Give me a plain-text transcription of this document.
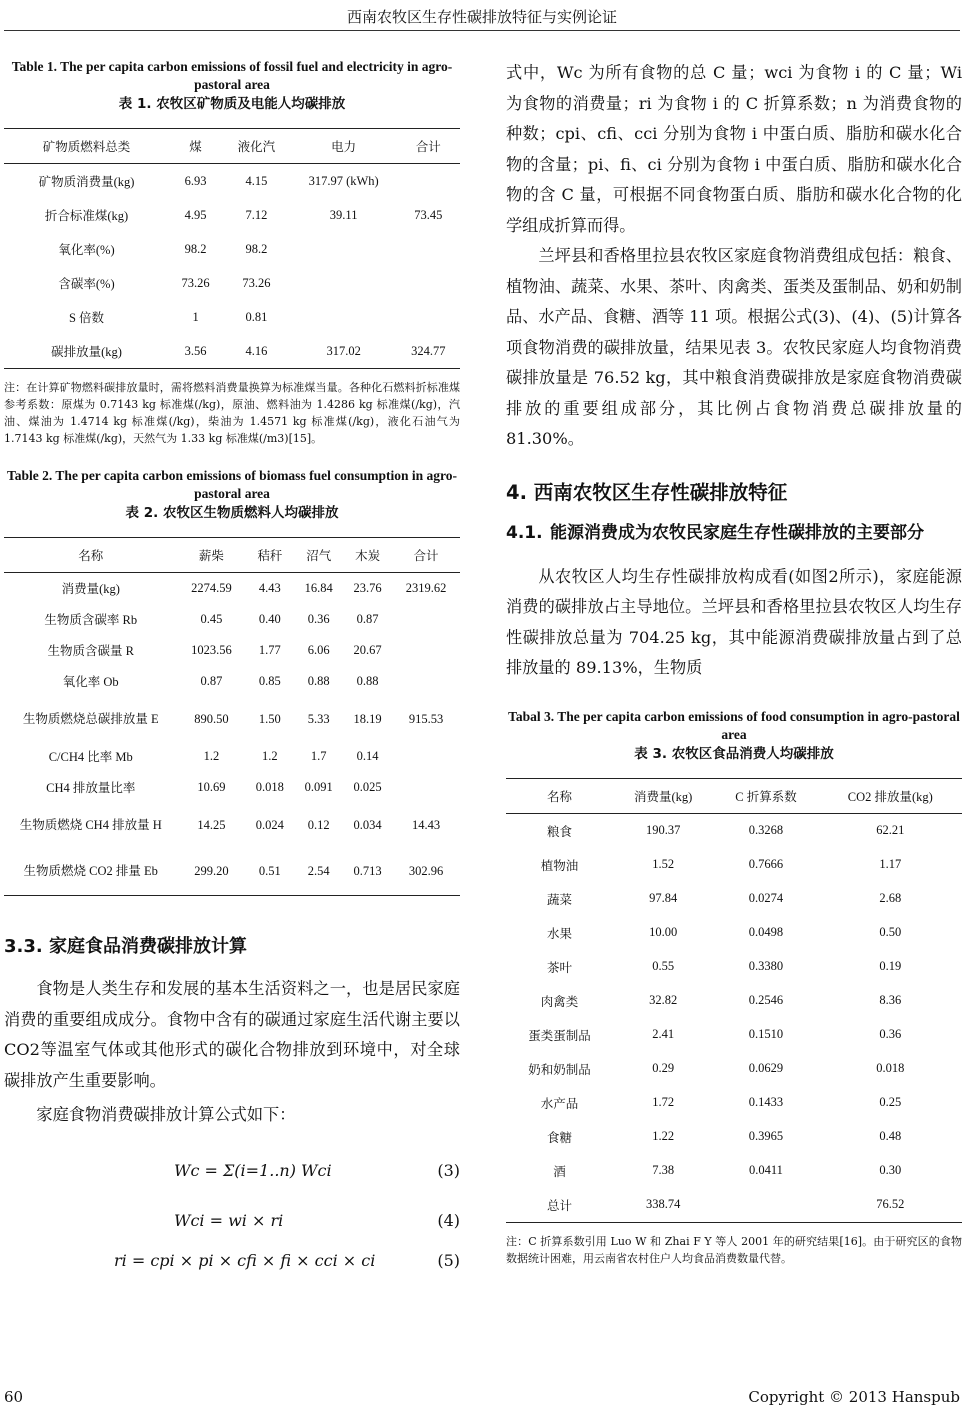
西南农牧区生存性碳排放特征与实例论证
Table 1. The per capita carbon emissions of fossil fuel and electricity in agro- pastoral area
表 1. 农牧区矿物质及电能人均碳排放
矿物质燃料总类	煤	液化汽	电力	合计
矿物质消费量(kg)	6.93	4.15	317.97 (kWh)	
折合标准煤(kg)	4.95	7.12	39.11	73.45
氧化率(%)	98.2	98.2		
含碳率(%)	73.26	73.26		
S 倍数	1	0.81		
碳排放量(kg)	3.56	4.16	317.02	324.77
注：在计算矿物燃料碳排放量时，需将燃料消费量换算为标准煤当量。各种化石燃料折标准煤参考系数：原煤为 0.7143 kg 标准煤(/kg)，原油、燃料油为 1.4286 kg 标准煤(/kg)，汽油、煤油为 1.4714 kg 标准煤(/kg)，柴油为 1.4571 kg 标准煤(/kg)，液化石油气为 1.7143 kg 标准煤(/kg)，天然气为 1.33 kg 标准煤(/m3)[15]。
Table 2. The per capita carbon emissions of biomass fuel consumption in agro-pastoral area
表 2. 农牧区生物质燃料人均碳排放
名称	薪柴	秸秆	沼气	木炭	合计
消费量(kg)	2274.59	4.43	16.84	23.76	2319.62
生物质含碳率 Rb	0.45	0.40	0.36	0.87	
生物质含碳量 R	1023.56	1.77	6.06	20.67	
氧化率 Ob	0.87	0.85	0.88	0.88	
生物质燃烧总碳排放量 E	890.50	1.50	5.33	18.19	915.53
C/CH4 比率 Mb	1.2	1.2	1.7	0.14	
CH4 排放量比率	10.69	0.018	0.091	0.025	
生物质燃烧 CH4 排放量 H	14.25	0.024	0.12	0.034	14.43
生物质燃烧 CO2 排量 Eb	299.20	0.51	2.54	0.713	302.96
3.3. 家庭食品消费碳排放计算

食物是人类生存和发展的基本生活资料之一，也是居民家庭消费的重要组成成分。食物中含有的碳通过家庭生活代谢主要以CO2等温室气体或其他形式的碳化合物排放到环境中，对全球碳排放产生重要影响。

家庭食物消费碳排放计算公式如下：

Wc = Σ(i=1..n) Wci	(3)
Wci = wi × ri	(4)
ri = cpi × pi × cfi × fi × cci × ci	(5)

式中，Wc 为所有食物的总 C 量；wci 为食物 i 的 C 量；Wi 为食物的消费量；ri 为食物 i 的 C 折算系数；n 为消费食物的种数；cpi、cfi、cci 分别为食物 i 中蛋白质、脂肪和碳水化合物的含量；pi、fi、ci 分别为食物 i 中蛋白质、脂肪和碳水化合物的含 C 量，可根据不同食物蛋白质、脂肪和碳水化合物的化学组成折算而得。

兰坪县和香格里拉县农牧区家庭食物消费组成包括：粮食、植物油、蔬菜、水果、茶叶、肉禽类、蛋类及蛋制品、奶和奶制品、水产品、食糖、酒等 11 项。根据公式(3)、(4)、(5)计算各项食物消费的碳排放量，结果见表 3。农牧民家庭人均食物消费碳排放量是 76.52 kg，其中粮食消费碳排放是家庭食物消费碳排放的重要组成部分，其比例占食物消费总碳排放量的 81.30%。

4. 西南农牧区生存性碳排放特征
4.1. 能源消费成为农牧民家庭生存性碳排放的主要部分

从农牧区人均生存性碳排放构成看(如图2所示)，家庭能源消费的碳排放占主导地位。兰坪县和香格里拉县农牧区人均生存性碳排放总量为 704.25 kg，其中能源消费碳排放量占到了总排放量的 89.13%，生物质

Tabal 3. The per capita carbon emissions of food consumption in agro-pastoral area
表 3. 农牧区食品消费人均碳排放
名称	消费量(kg)	C 折算系数	CO2 排放量(kg)
粮食	190.37	0.3268	62.21
植物油	1.52	0.7666	1.17
蔬菜	97.84	0.0274	2.68
水果	10.00	0.0498	0.50
茶叶	0.55	0.3380	0.19
肉禽类	32.82	0.2546	8.36
蛋类蛋制品	2.41	0.1510	0.36
奶和奶制品	0.29	0.0629	0.018
水产品	1.72	0.1433	0.25
食糖	1.22	0.3965	0.48
酒	7.38	0.0411	0.30
总计	338.74		76.52
注：C 折算系数引用 Luo W 和 Zhai F Y 等人 2001 年的研究结果[16]。由于研究区的食物数据统计困难，用云南省农村住户人均食品消费数量代替。
60	Copyright © 2013 Hanspub
